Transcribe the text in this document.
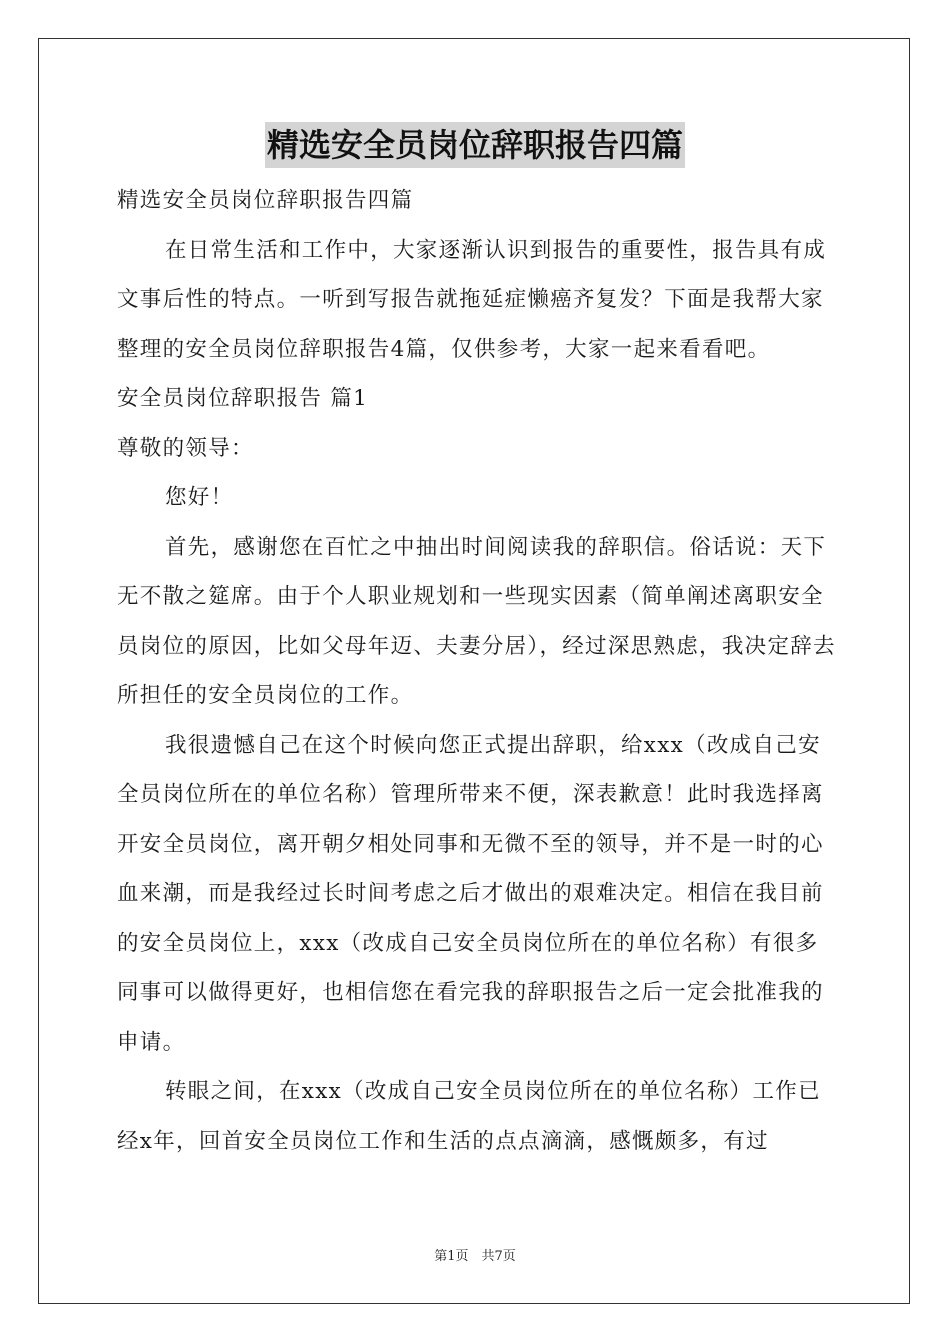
精选安全员岗位辞职报告四篇

精选安全员岗位辞职报告四篇

在日常生活和工作中，大家逐渐认识到报告的重要性，报告具有成文事后性的特点。一听到写报告就拖延症懒癌齐复发？下面是我帮大家整理的安全员岗位辞职报告4篇，仅供参考，大家一起来看看吧。

安全员岗位辞职报告 篇1

尊敬的领导：

您好！

首先，感谢您在百忙之中抽出时间阅读我的辞职信。俗话说：天下无不散之筵席。由于个人职业规划和一些现实因素（简单阐述离职安全员岗位的原因，比如父母年迈、夫妻分居），经过深思熟虑，我决定辞去所担任的安全员岗位的工作。

我很遗憾自己在这个时候向您正式提出辞职，给xxx（改成自己安全员岗位所在的单位名称）管理所带来不便，深表歉意！此时我选择离开安全员岗位，离开朝夕相处同事和无微不至的领导，并不是一时的心血来潮，而是我经过长时间考虑之后才做出的艰难决定。相信在我目前的安全员岗位上，xxx（改成自己安全员岗位所在的单位名称）有很多同事可以做得更好，也相信您在看完我的辞职报告之后一定会批准我的申请。

转眼之间，在xxx（改成自己安全员岗位所在的单位名称）工作已经x年，回首安全员岗位工作和生活的点点滴滴，感慨颇多，有过

第1页　共7页
